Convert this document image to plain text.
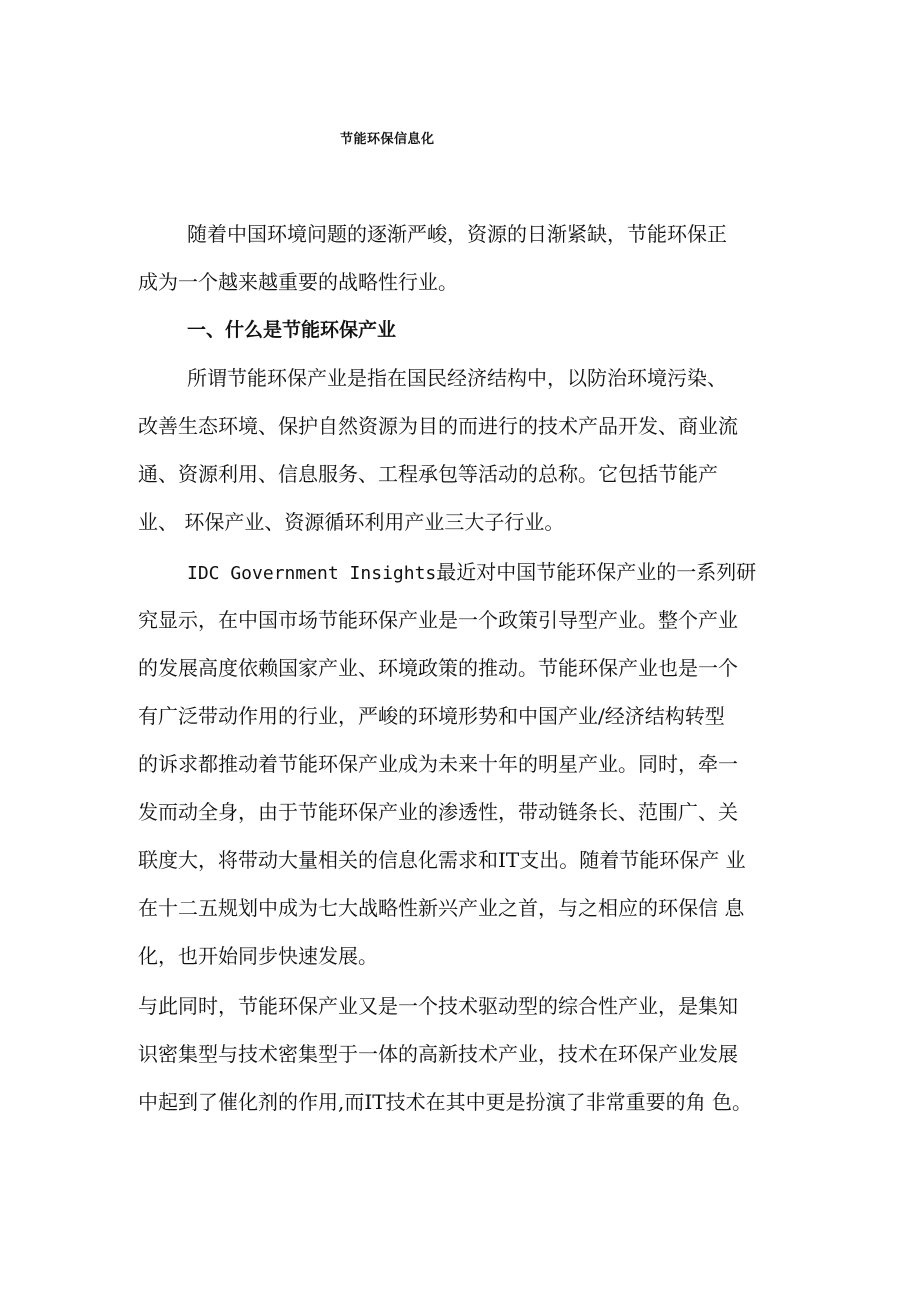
节能环保信息化
随着中国环境问题的逐渐严峻，资源的日渐紧缺，节能环保正
成为一个越来越重要的战略性行业。
一、什么是节能环保产业
所谓节能环保产业是指在国民经济结构中，以防治环境污染、
改善生态环境、保护自然资源为目的而进行的技术产品开发、商业流
通、资源利用、信息服务、工程承包等活动的总称。它包括节能产
业、 环保产业、资源循环利用产业三大子行业。
IDC Government Insights最近对中国节能环保产业的一系列研
究显示，在中国市场节能环保产业是一个政策引导型产业。整个产业
的发展高度依赖国家产业、环境政策的推动。节能环保产业也是一个
有广泛带动作用的行业，严峻的环境形势和中国产业/经济结构转型
的诉求都推动着节能环保产业成为未来十年的明星产业。同时，牵一
发而动全身，由于节能环保产业的渗透性，带动链条长、范围广、关
联度大，将带动大量相关的信息化需求和IT支出。随着节能环保产 业
在十二五规划中成为七大战略性新兴产业之首，与之相应的环保信 息
化，也开始同步快速发展。
与此同时，节能环保产业又是一个技术驱动型的综合性产业，是集知
识密集型与技术密集型于一体的高新技术产业，技术在环保产业发展
中起到了催化剂的作用,而IT技术在其中更是扮演了非常重要的角 色。
